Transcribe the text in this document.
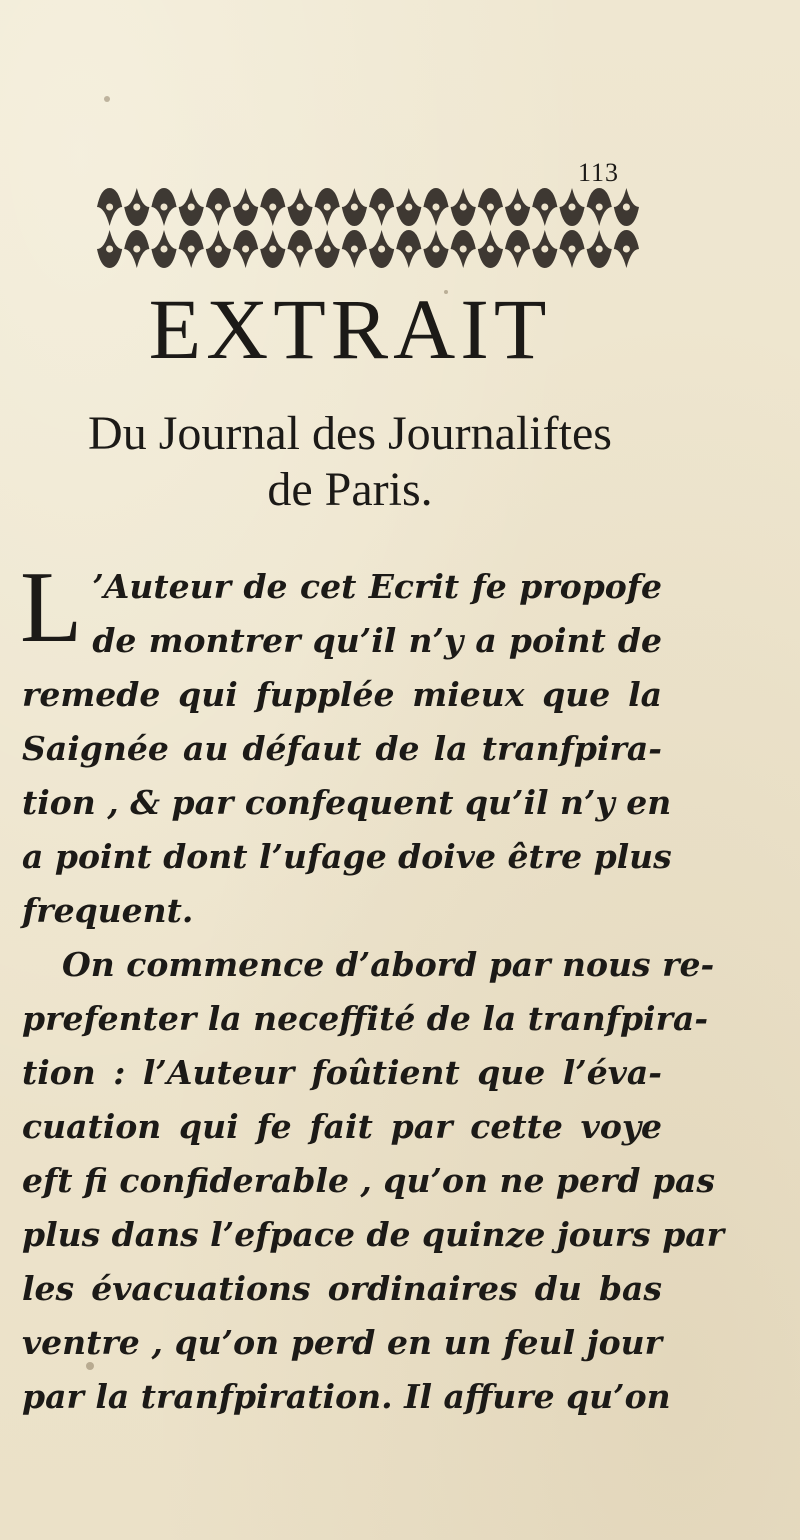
113
EXTRAIT
Du Journal des Journaliftes
de Paris.
L ’Auteur de cet Ecrit fe propofe
de montrer qu’il n’y a point de
remede qui fupplée mieux que la
Saignée au défaut de la tranfpira-
tion , & par confequent qu’il n’y en
a point dont l’ufage doive être plus
frequent.
On commence d’abord par nous re-
prefenter la neceffité de la tranfpira-
tion : l’Auteur foûtient que l’éva-
cuation qui fe fait par cette voye
eft fi confiderable , qu’on ne perd pas
plus dans l’efpace de quinze jours par
les évacuations ordinaires du bas
ventre , qu’on perd en un feul jour
par la tranfpiration. Il affure qu’on
